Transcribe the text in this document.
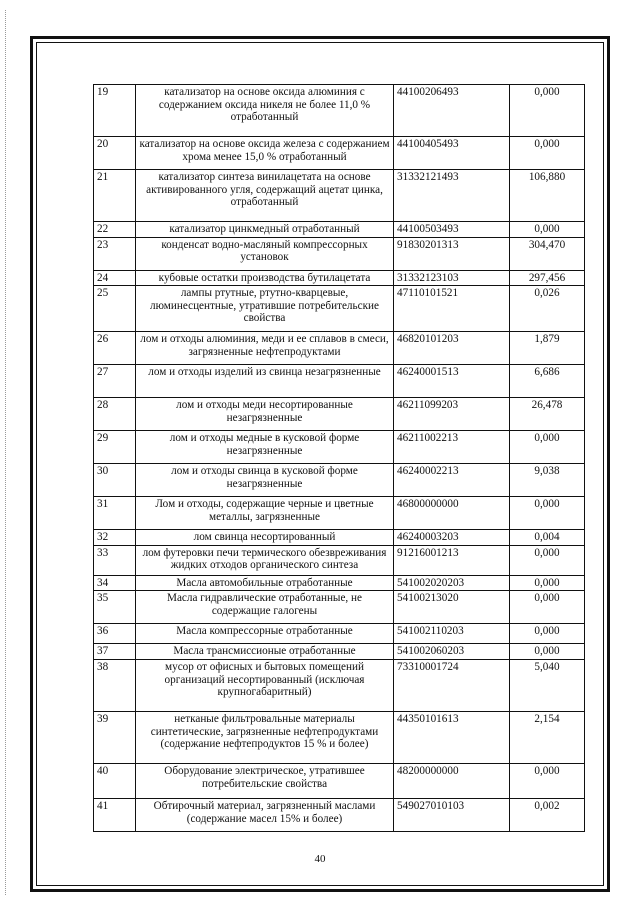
19	катализатор на основе оксида алюминия с содержанием оксида никеля не более 11,0 % отработанный	44100206493	0,000
20	катализатор на основе оксида железа с содержанием хрома менее 15,0 % отработанный	44100405493	0,000
21	катализатор синтеза винилацетата на основе активированного угля, содержащий ацетат цинка, отработанный	31332121493	106,880
22	катализатор цинкмедный отработанный	44100503493	0,000
23	конденсат водно-масляный компрессорных установок	91830201313	304,470
24	кубовые остатки производства бутилацетата	31332123103	297,456
25	лампы ртутные, ртутно-кварцевые, люминесцентные, утратившие потребительские свойства	47110101521	0,026
26	лом и отходы алюминия, меди и ее сплавов в смеси, загрязненные нефтепродуктами	46820101203	1,879
27	лом и отходы изделий из свинца незагрязненные	46240001513	6,686
28	лом и отходы меди несортированные незагрязненные	46211099203	26,478
29	лом и отходы медные в кусковой форме незагрязненные	46211002213	0,000
30	лом и отходы свинца в кусковой форме незагрязненные	46240002213	9,038
31	Лом и отходы, содержащие черные и цветные металлы, загрязненные	46800000000	0,000
32	лом свинца несортированный	46240003203	0,004
33	лом футеровки печи термического обезвреживания жидких отходов органического синтеза	91216001213	0,000
34	Масла автомобильные отработанные	541002020203	0,000
35	Масла гидравлические отработанные, не содержащие галогены	54100213020	0,000
36	Масла компрессорные отработанные	541002110203	0,000
37	Масла трансмиссионые отработанные	541002060203	0,000
38	мусор от офисных и бытовых помещений организаций несортированный (исключая крупногабаритный)	73310001724	5,040
39	нетканые фильтровальные материалы синтетические, загрязненные нефтепродуктами (содержание нефтепродуктов 15 % и более)	44350101613	2,154
40	Оборудование электрическое, утратившее потребительские свойства	48200000000	0,000
41	Обтирочный материал, загрязненный маслами (содержание масел 15% и более)	549027010103	0,002
40
